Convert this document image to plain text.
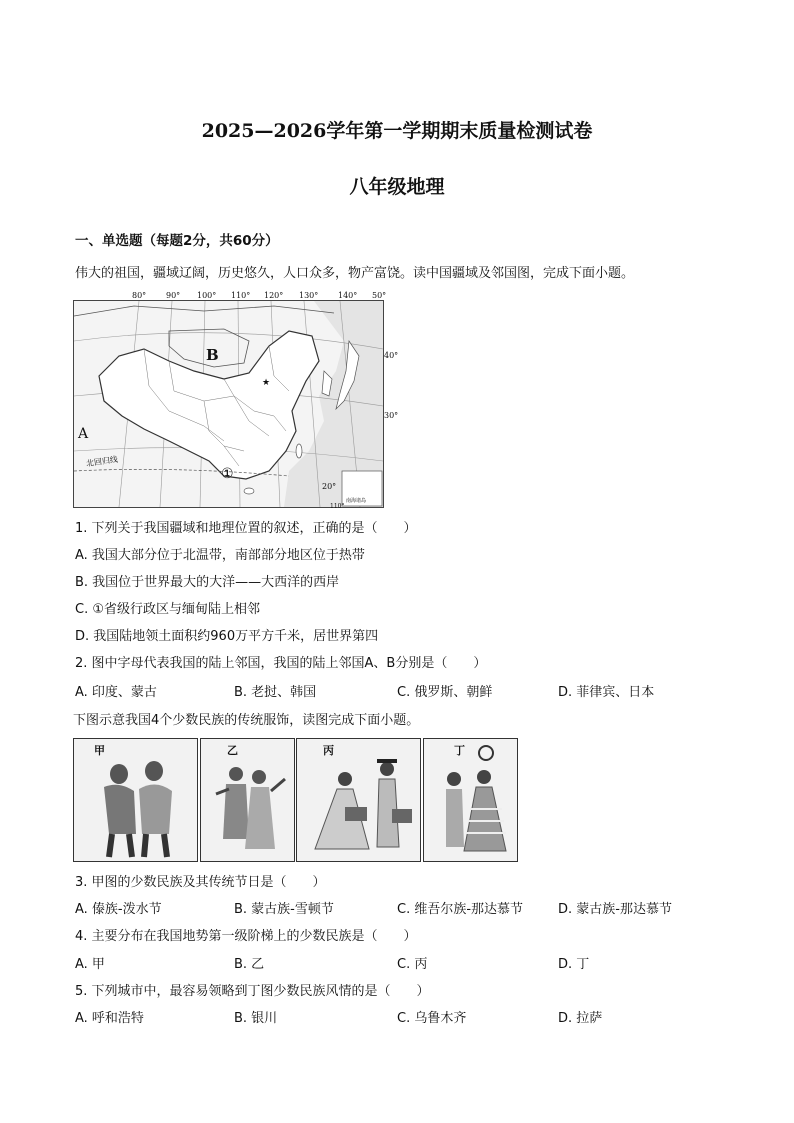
2025—2026学年第一学期期末质量检测试卷
八年级地理
一、单选题（每题2分，共60分）
伟大的祖国，疆域辽阔，历史悠久，人口众多，物产富饶。读中国疆域及邻国图，完成下面小题。
80° 90° 100° 110° 120° 130° 140° 50°
★
B
A
①
北回归线
南海诸岛
40°
30°
20°
110°
1. 下列关于我国疆域和地理位置的叙述，正确的是（　　）
A. 我国大部分位于北温带，南部部分地区位于热带
B. 我国位于世界最大的大洋——大西洋的西岸
C. ①省级行政区与缅甸陆上相邻
D. 我国陆地领土面积约960万平方千米，居世界第四
2. 图中字母代表我国的陆上邻国，我国的陆上邻国A、B分别是（　　）
A. 印度、蒙古	B. 老挝、韩国	C. 俄罗斯、朝鲜	D. 菲律宾、日本
下图示意我国4个少数民族的传统服饰，读图完成下面小题。
甲	乙	丙	丁
3. 甲图的少数民族及其传统节日是（　　）
A. 傣族-泼水节	B. 蒙古族-雪顿节	C. 维吾尔族-那达慕节	D. 蒙古族-那达慕节
4. 主要分布在我国地势第一级阶梯上的少数民族是（　　）
A. 甲	B. 乙	C. 丙	D. 丁
5. 下列城市中，最容易领略到丁图少数民族风情的是（　　）
A. 呼和浩特	B. 银川	C. 乌鲁木齐	D. 拉萨
